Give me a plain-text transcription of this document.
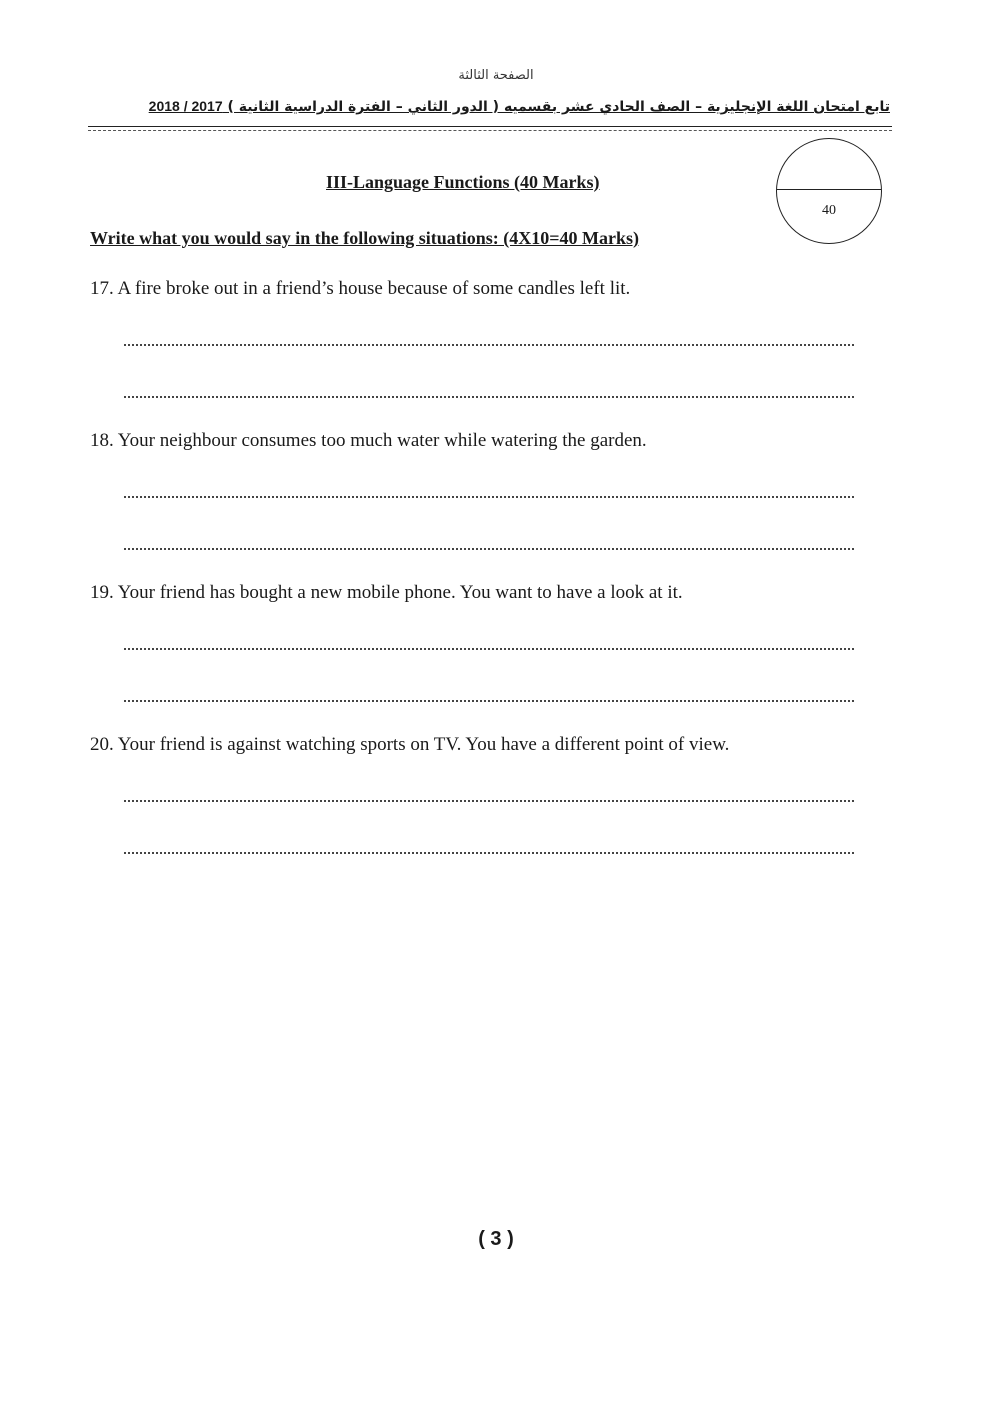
الصفحة الثالثة
تابع امتحان اللغة الإنجليزية – الصف الحادي عشر بقسميه ( الدور الثاني – الفترة الدراسية الثانية ) 2018 / 2017
40
III-Language Functions (40 Marks)
Write what you would say in the following situations: (4X10=40 Marks)
17. A fire broke out in a friend’s house because of some candles left lit.
18. Your neighbour consumes too much water while watering the garden.
19. Your friend has bought a new mobile phone. You want to have a look at it.
20. Your friend is against watching sports on TV. You have a different point of view.
( 3 )
